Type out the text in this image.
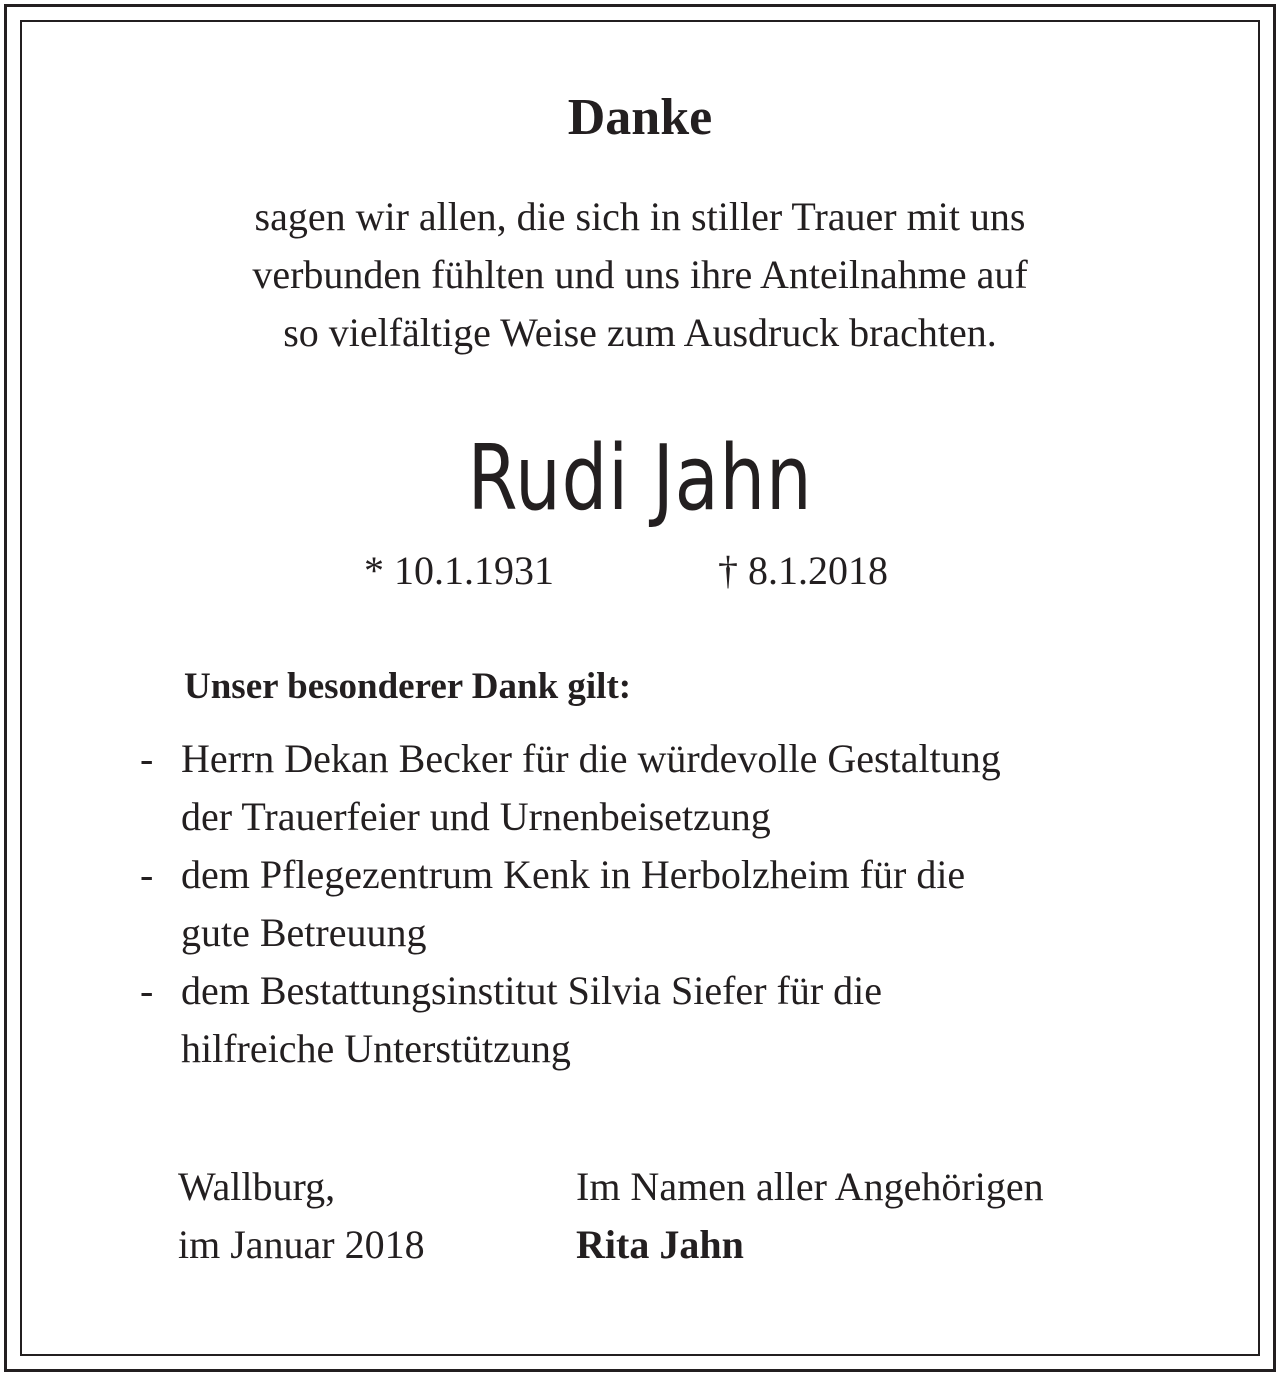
Danke
sagen wir allen, die sich in stiller Trauer mit uns
verbunden fühlten und uns ihre Anteilnahme auf
so vielfältige Weise zum Ausdruck brachten.
Rudi Jahn
* 10.1.1931	† 8.1.2018
Unser besonderer Dank gilt:
- Herrn Dekan Becker für die würdevolle Gestaltung
der Trauerfeier und Urnenbeisetzung
- dem Pflegezentrum Kenk in Herbolzheim für die
gute Betreuung
- dem Bestattungsinstitut Silvia Siefer für die
hilfreiche Unterstützung
Wallburg,
im Januar 2018
Im Namen aller Angehörigen
Rita Jahn
